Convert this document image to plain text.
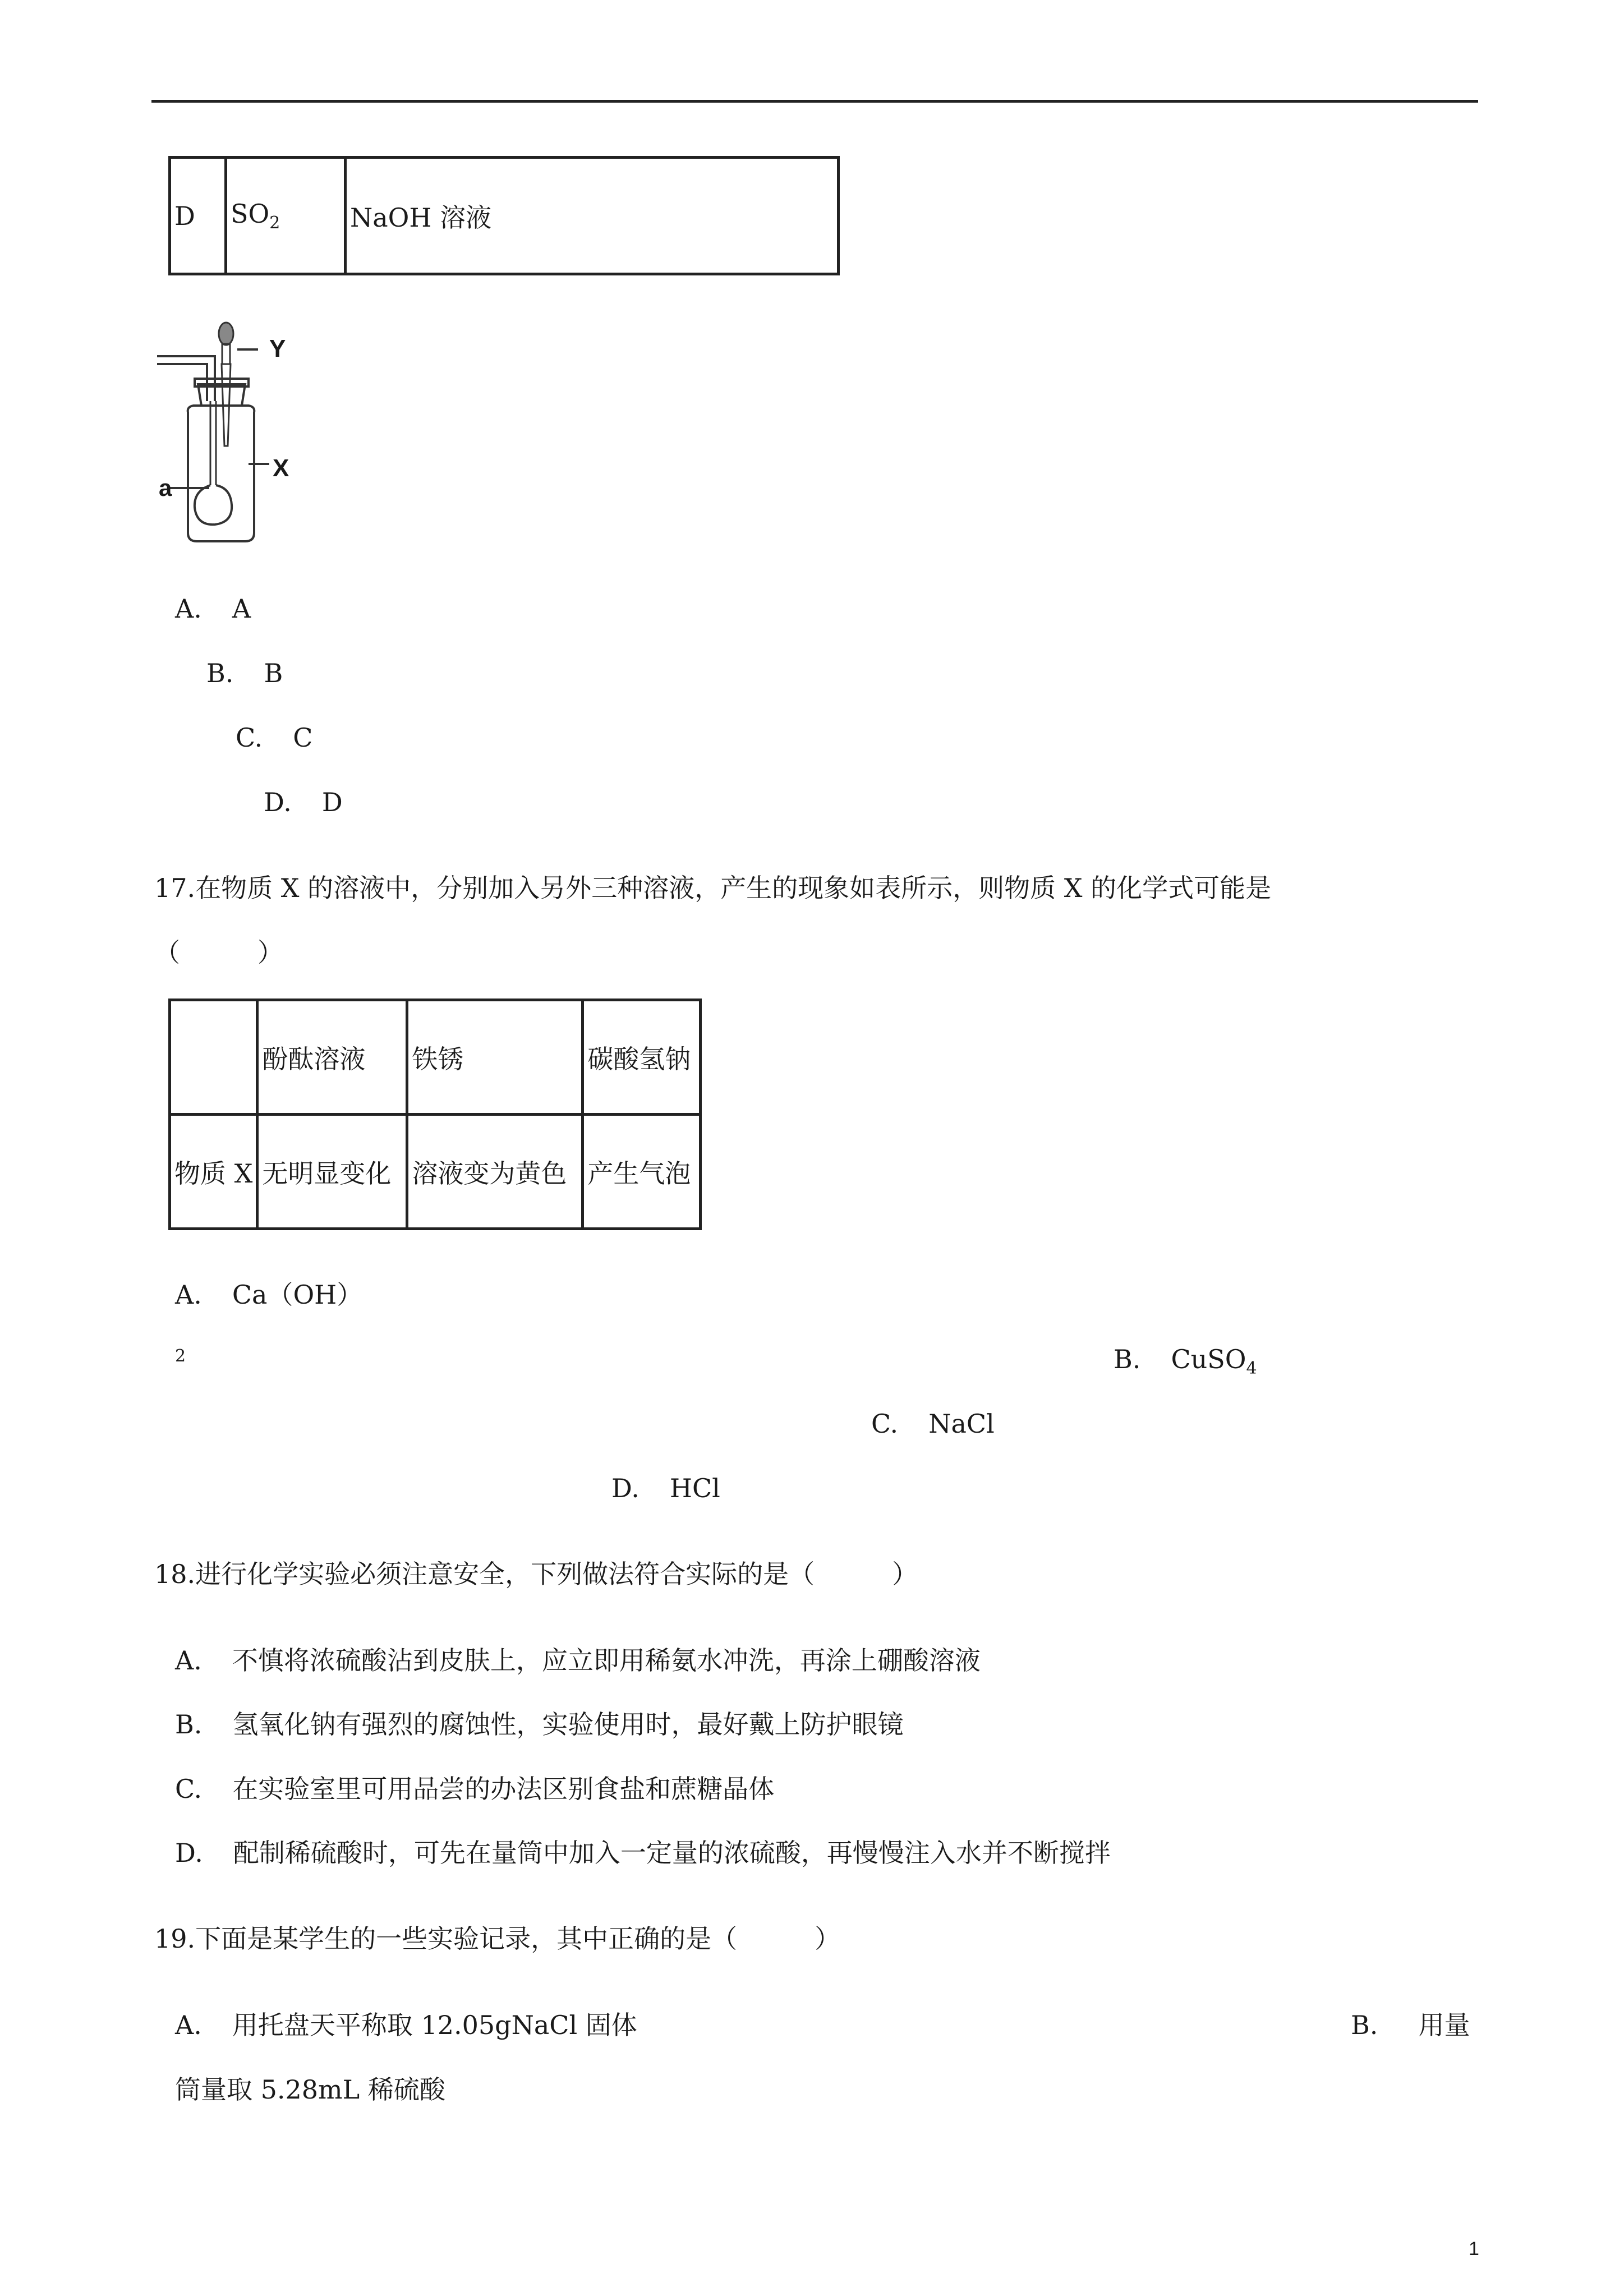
D	$SO_2$	NaOH 溶液
Y
X
a
A. A
B. B
C. C
D. D
17.在物质 X 的溶液中，分别加入另外三种溶液，产生的现象如表所示，则物质 X 的化学式可能是
（　　　）
	酚酞溶液	铁锈	碳酸氢钠
物质 X	无明显变化	溶液变为黄色	产生气泡
A. Ca（OH）
2	B. CuSO$_4$
C. NaCl
D. HCl
18.进行化学实验必须注意安全，下列做法符合实际的是（　　　）
A. 不慎将浓硫酸沾到皮肤上，应立即用稀氨水冲洗，再涂上硼酸溶液
B. 氢氧化钠有强烈的腐蚀性，实验使用时，最好戴上防护眼镜
C. 在实验室里可用品尝的办法区别食盐和蔗糖晶体
D. 配制稀硫酸时，可先在量筒中加入一定量的浓硫酸，再慢慢注入水并不断搅拌
19.下面是某学生的一些实验记录，其中正确的是（　　　）
A. 用托盘天平称取 12.05gNaCl 固体	B. 用量
筒量取 5.28mL 稀硫酸
1
